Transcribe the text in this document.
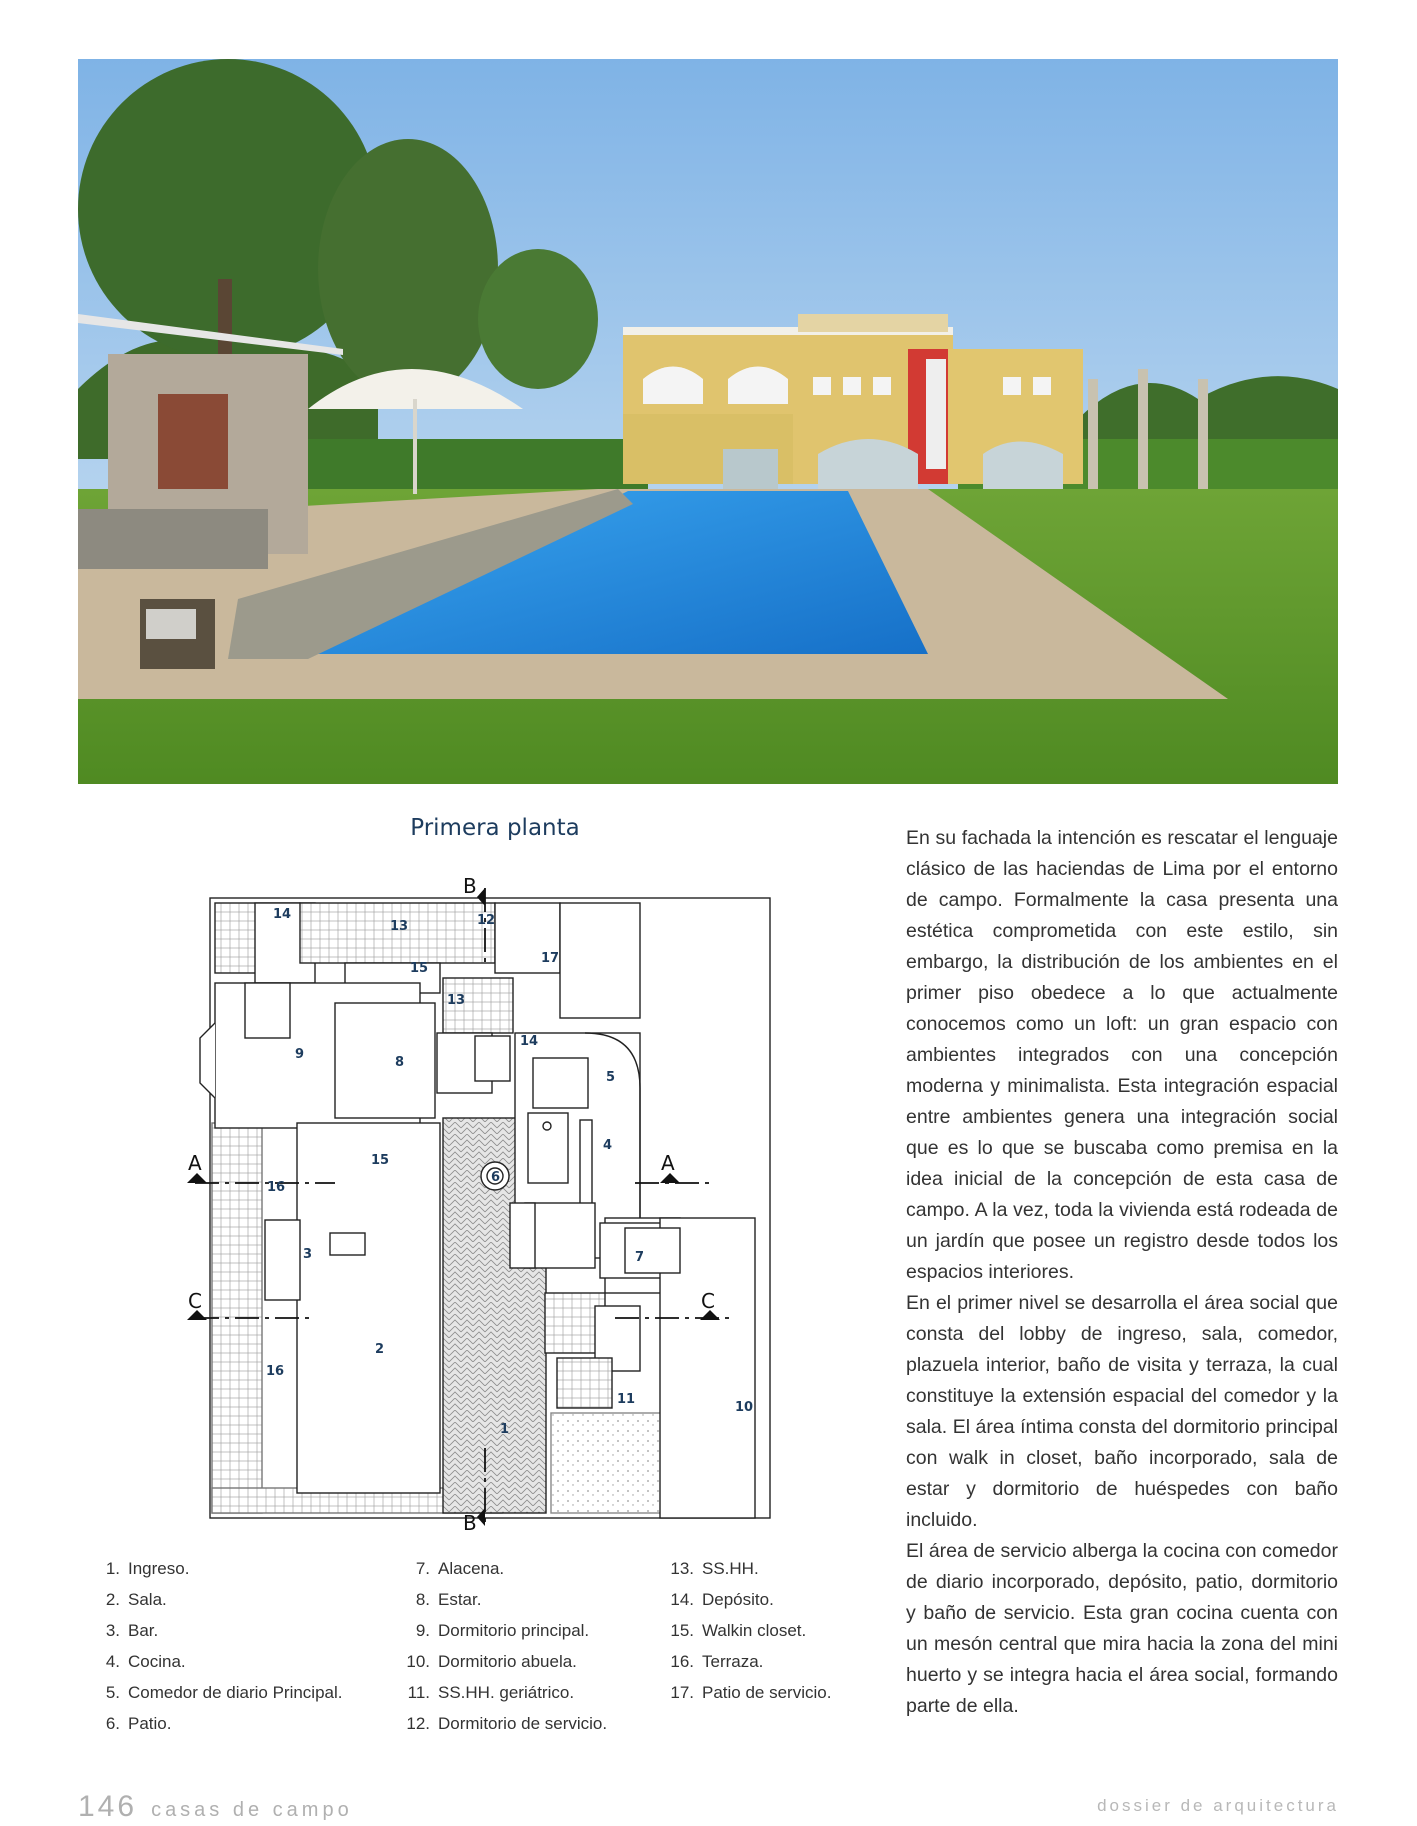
Primera planta
A	A
C	C
B
B
14
13	12
17
15
13
9
8
14
5
4
15
16
6
3	7
2
16
11
10
1
1. Ingreso.
2. Sala.
3. Bar.
4. Cocina.
5. Comedor de diario Principal.
6. Patio.
7. Alacena.
8. Estar.
9. Dormitorio principal.
10. Dormitorio abuela.
11. SS.HH. geriátrico.
12. Dormitorio de servicio.
13. SS.HH.
14. Depósito.
15. Walkin closet.
16. Terraza.
17. Patio de servicio.

En su fachada la intención es rescatar el lenguaje clásico de las haciendas de Lima por el entorno de campo. Formalmente la casa presenta una estética comprometida con este estilo, sin embargo, la distribución de los ambientes en el primer piso obedece a lo que actualmente conocemos como un loft: un gran espacio con ambientes integrados con una concepción moderna y minimalista. Esta integración espacial entre ambientes genera una integración social que es lo que se buscaba como premisa en la idea inicial de la concepción de esta casa de campo. A la vez, toda la vivienda está rodeada de un jardín que posee un registro desde todos los espacios interiores.

En el primer nivel se desarrolla el área social que consta del lobby de ingreso, sala, comedor, plazuela interior, baño de visita y terraza, la cual constituye la extensión espacial del comedor y la sala. El área íntima consta del dormitorio principal con walk in closet, baño incorporado, sala de estar y dormitorio de huéspedes con baño incluido.

El área de servicio alberga la cocina con comedor de diario incorporado, depósito, patio, dormitorio y baño de servicio. Esta gran cocina cuenta con un mesón central que mira hacia la zona del mini huerto y se integra hacia el área social, formando parte de ella.

146 casas de campo	dossier de arquitectura
